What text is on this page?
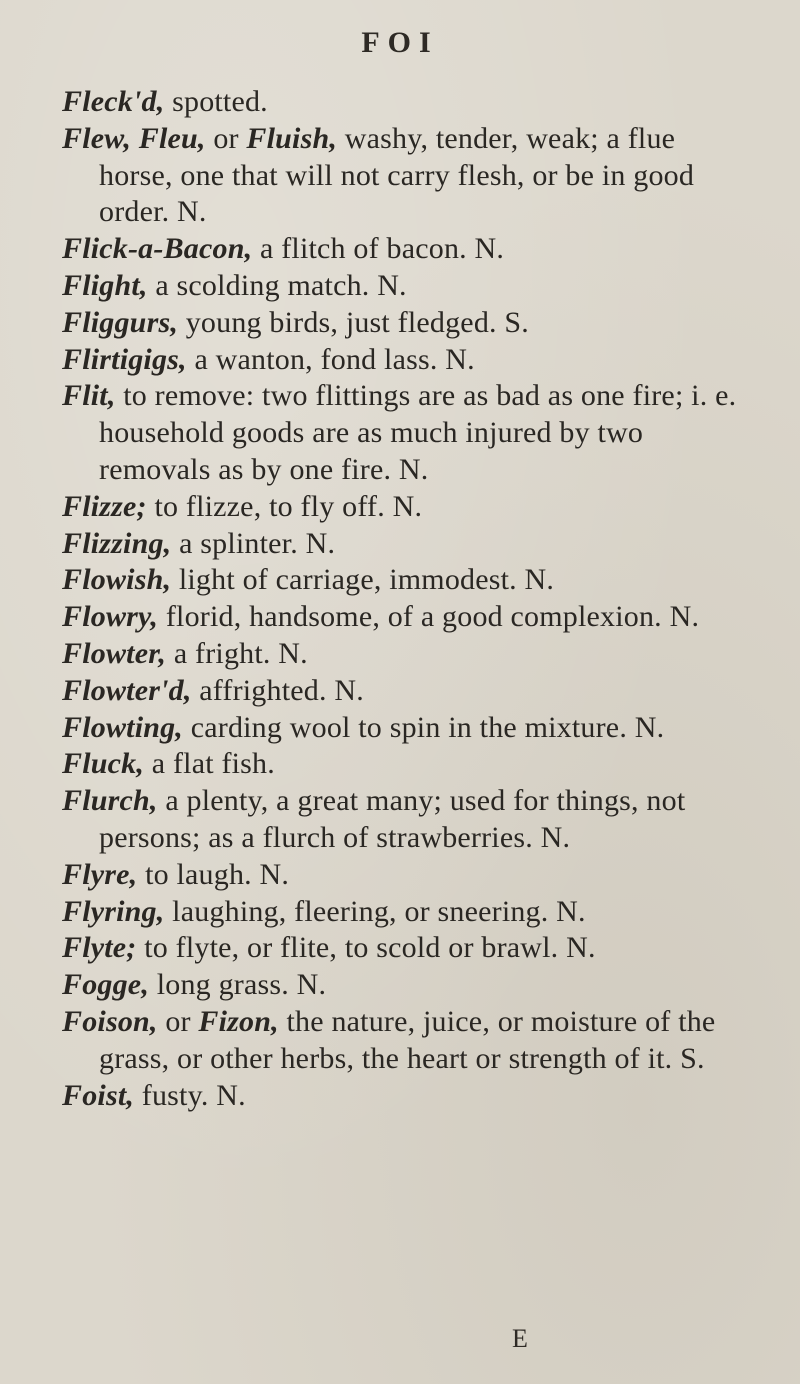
FOI
Fleck'd, spotted.
Flew, Fleu, or Fluish, washy, tender, weak; a flue horse, one that will not carry flesh, or be in good order. N.
Flick-a-Bacon, a flitch of bacon. N.
Flight, a scolding match. N.
Fliggurs, young birds, just fledged. S.
Flirtigigs, a wanton, fond lass. N.
Flit, to remove: two flittings are as bad as one fire; i. e. household goods are as much injured by two removals as by one fire. N.
Flizze; to flizze, to fly off. N.
Flizzing, a splinter. N.
Flowish, light of carriage, immodest. N.
Flowry, florid, handsome, of a good complexion. N.
Flowter, a fright. N.
Flowter'd, affrighted. N.
Flowting, carding wool to spin in the mixture. N.
Fluck, a flat fish.
Flurch, a plenty, a great many; used for things, not persons; as a flurch of strawberries. N.
Flyre, to laugh. N.
Flyring, laughing, fleering, or sneering. N.
Flyte; to flyte, or flite, to scold or brawl. N.
Fogge, long grass. N.
Foison, or Fizon, the nature, juice, or moisture of the grass, or other herbs, the heart or strength of it. S.
Foist, fusty. N.
E
